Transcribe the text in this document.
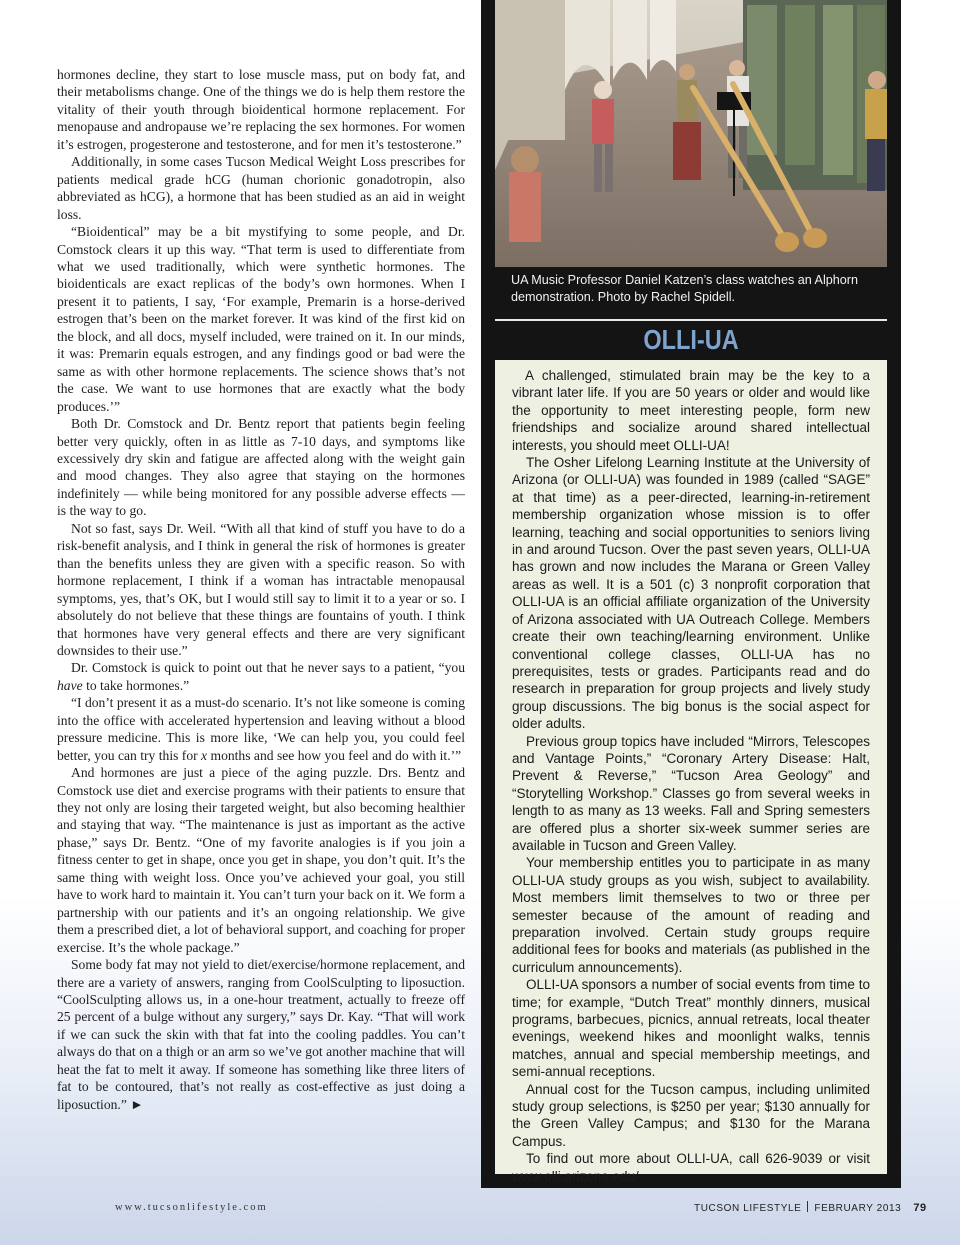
hormones decline, they start to lose muscle mass, put on body fat, and their metabolisms change. One of the things we do is help them restore the vitality of their youth through bioidentical hormone replacement. For menopause and andropause we’re replacing the sex hormones. For women it’s estrogen, progesterone and testosterone, and for men it’s testosterone.”

Additionally, in some cases Tucson Medical Weight Loss prescribes for patients medical grade hCG (human chorionic gonadotropin, also abbreviated as hCG), a hormone that has been studied as an aid in weight loss.

“Bioidentical” may be a bit mystifying to some people, and Dr. Comstock clears it up this way. “That term is used to differentiate from what we used traditionally, which were synthetic hormones. The bioidenticals are exact replicas of the body’s own hormones. When I present it to patients, I say, ‘For example, Premarin is a horse-derived estrogen that’s been on the market forever. It was kind of the first kid on the block, and all docs, myself included, were trained on it. In our minds, it was: Premarin equals estrogen, and any findings good or bad were the same as with other hormone replacements. The science shows that’s not the case. We want to use hormones that are exactly what the body produces.’”

Both Dr. Comstock and Dr. Bentz report that patients begin feeling better very quickly, often in as little as 7-10 days, and symptoms like excessively dry skin and fatigue are affected along with the weight gain and mood changes. They also agree that staying on the hormones indefinitely — while being monitored for any possible adverse effects — is the way to go.

Not so fast, says Dr. Weil. “With all that kind of stuff you have to do a risk-benefit analysis, and I think in general the risk of hormones is greater than the benefits unless they are given with a specific reason. So with hormone replacement, I think if a woman has intractable menopausal symptoms, yes, that’s OK, but I would still say to limit it to a year or so. I absolutely do not believe that these things are fountains of youth. I think that hormones have very general effects and there are very significant downsides to their use.”

Dr. Comstock is quick to point out that he never says to a patient, “you have to take hormones.”

“I don’t present it as a must-do scenario. It’s not like someone is coming into the office with accelerated hypertension and leaving without a blood pressure medicine. This is more like, ‘We can help you, you could feel better, you can try this for x months and see how you feel and do with it.’”

And hormones are just a piece of the aging puzzle. Drs. Bentz and Comstock use diet and exercise programs with their patients to ensure that they not only are losing their targeted weight, but also becoming healthier and staying that way. “The maintenance is just as important as the active phase,” says Dr. Bentz. “One of my favorite analogies is if you join a fitness center to get in shape, once you get in shape, you don’t quit. It’s the same thing with weight loss. Once you’ve achieved your goal, you still have to work hard to maintain it. You can’t turn your back on it. We form a partnership with our patients and it’s an ongoing relationship. We give them a prescribed diet, a lot of behavioral support, and coaching for proper exercise. It’s the whole package.”

Some body fat may not yield to diet/exercise/hormone replacement, and there are a variety of answers, ranging from CoolSculpting to liposuction. “CoolSculpting allows us, in a one-hour treatment, actually to freeze off 25 percent of a bulge without any surgery,” says Dr. Kay. “That will work if we can suck the skin with that fat into the cooling paddles. You can’t always do that on a thigh or an arm so we’ve got another machine that will heat the fat to melt it away. If someone has something like three liters of fat to be contoured, that’s not really as cost-effective as just doing a liposuction.” ►

UA Music Professor Daniel Katzen’s class watches an Alphorn demonstration. Photo by Rachel Spidell.
OLLI-UA

A challenged, stimulated brain may be the key to a vibrant later life. If you are 50 years or older and would like the opportunity to meet interesting people, form new friendships and socialize around shared intellectual interests, you should meet OLLI-UA!

The Osher Lifelong Learning Institute at the University of Arizona (or OLLI-UA) was founded in 1989 (called “SAGE” at that time) as a peer-directed, learning-in-retirement membership organization whose mission is to offer learning, teaching and social opportunities to seniors living in and around Tucson. Over the past seven years, OLLI-UA has grown and now includes the Marana or Green Valley areas as well. It is a 501 (c) 3 nonprofit corporation that OLLI-UA is an official affiliate organization of the University of Arizona associated with UA Outreach College. Members create their own teaching/learning environment. Unlike conventional college classes, OLLI-UA has no prerequisites, tests or grades. Participants read and do research in preparation for group projects and lively study group discussions. The big bonus is the social aspect for older adults.

Previous group topics have included “Mirrors, Telescopes and Vantage Points,” “Coronary Artery Disease: Halt, Prevent & Reverse,” “Tucson Area Geology” and “Storytelling Workshop.” Classes go from several weeks in length to as many as 13 weeks. Fall and Spring semesters are offered plus a shorter six-week summer series are available in Tucson and Green Valley.

Your membership entitles you to participate in as many OLLI-UA study groups as you wish, subject to availability. Most members limit themselves to two or three per semester because of the amount of reading and preparation involved. Certain study groups require additional fees for books and materials (as published in the curriculum announcements).

OLLI-UA sponsors a number of social events from time to time; for example, “Dutch Treat” monthly dinners, musical programs, barbecues, picnics, annual retreats, local theater evenings, weekend hikes and moonlight walks, tennis matches, annual and special membership meetings, and semi-annual receptions.

Annual cost for the Tucson campus, including unlimited study group selections, is $250 per year; $130 annually for the Green Valley Campus; and $130 for the Marana Campus.

To find out more about OLLI-UA, call 626-9039 or visit www.olli.arizona.edu/.

www.tucsonlifestyle.com	TUCSON LIFESTYLE FEBRUARY 2013 79
